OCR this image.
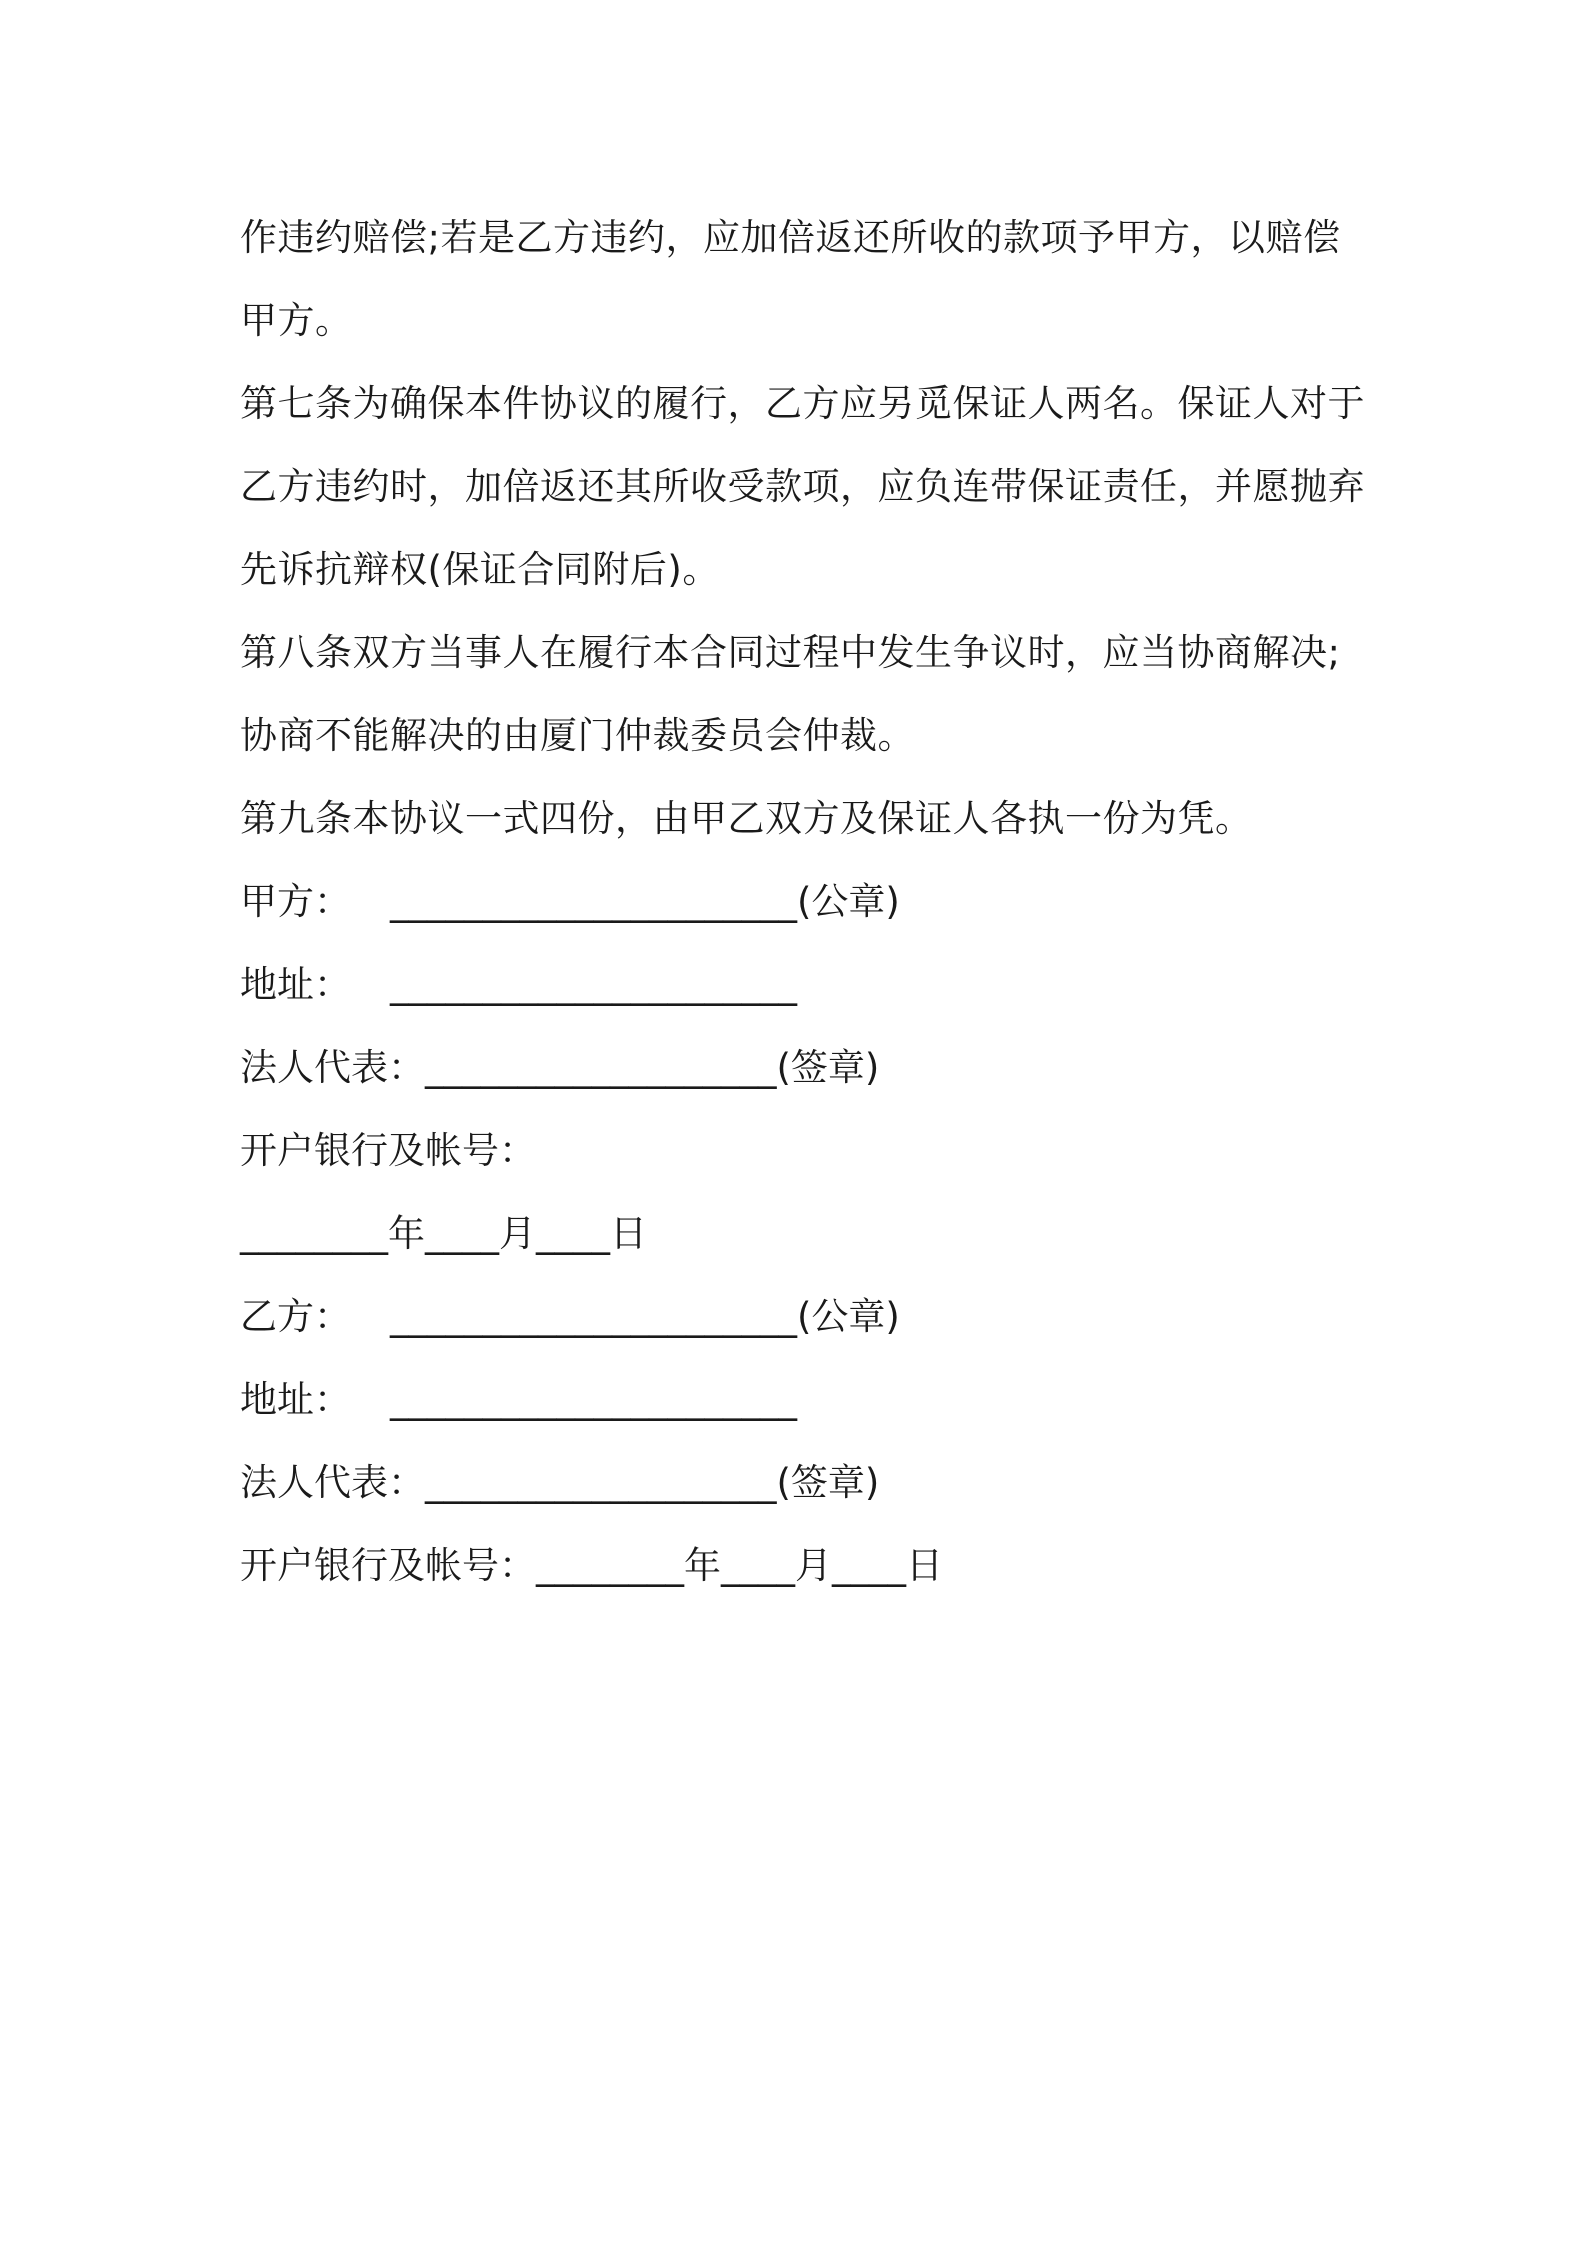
作违约赔偿;若是乙方违约，应加倍返还所收的款项予甲方，以赔偿
甲方。
第七条为确保本件协议的履行，乙方应另觅保证人两名。保证人对于
乙方违约时，加倍返还其所收受款项，应负连带保证责任，并愿抛弃
先诉抗辩权(保证合同附后)。
第八条双方当事人在履行本合同过程中发生争议时，应当协商解决;
协商不能解决的由厦门仲裁委员会仲裁。
第九条本协议一式四份，由甲乙双方及保证人各执一份为凭。
甲方：	______________________ (公章)
地址：	______________________
法人代表： ___________________ (签章)
开户银行及帐号：
________ 年 ____ 月 ____ 日
乙方：	______________________ (公章)
地址：	______________________
法人代表： ___________________ (签章)
开户银行及帐号： ________ 年 ____ 月 ____ 日
